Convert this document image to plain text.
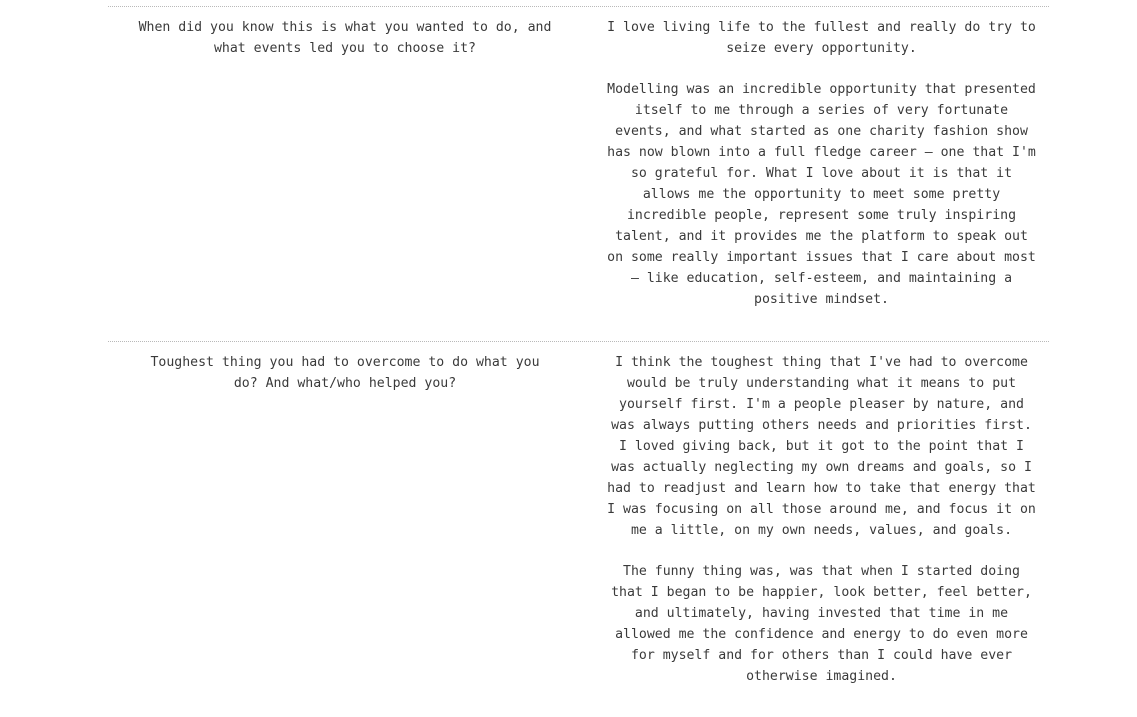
When did you know this is what you wanted to do, and what events led you to choose it?

I love living life to the fullest and really do try to seize every opportunity.

Modelling was an incredible opportunity that presented itself to me through a series of very fortunate events, and what started as one charity fashion show has now blown into a full fledge career – one that I'm so grateful for. What I love about it is that it allows me the opportunity to meet some pretty incredible people, represent some truly inspiring talent, and it provides me the platform to speak out on some really important issues that I care about most – like education, self-esteem, and maintaining a positive mindset.

Toughest thing you had to overcome to do what you do? And what/who helped you?

I think the toughest thing that I've had to overcome would be truly understanding what it means to put yourself first. I'm a people pleaser by nature, and was always putting others needs and priorities first. I loved giving back, but it got to the point that I was actually neglecting my own dreams and goals, so I had to readjust and learn how to take that energy that I was focusing on all those around me, and focus it on me a little, on my own needs, values, and goals.

The funny thing was, was that when I started doing that I began to be happier, look better, feel better, and ultimately, having invested that time in me allowed me the confidence and energy to do even more for myself and for others than I could have ever otherwise imagined.
